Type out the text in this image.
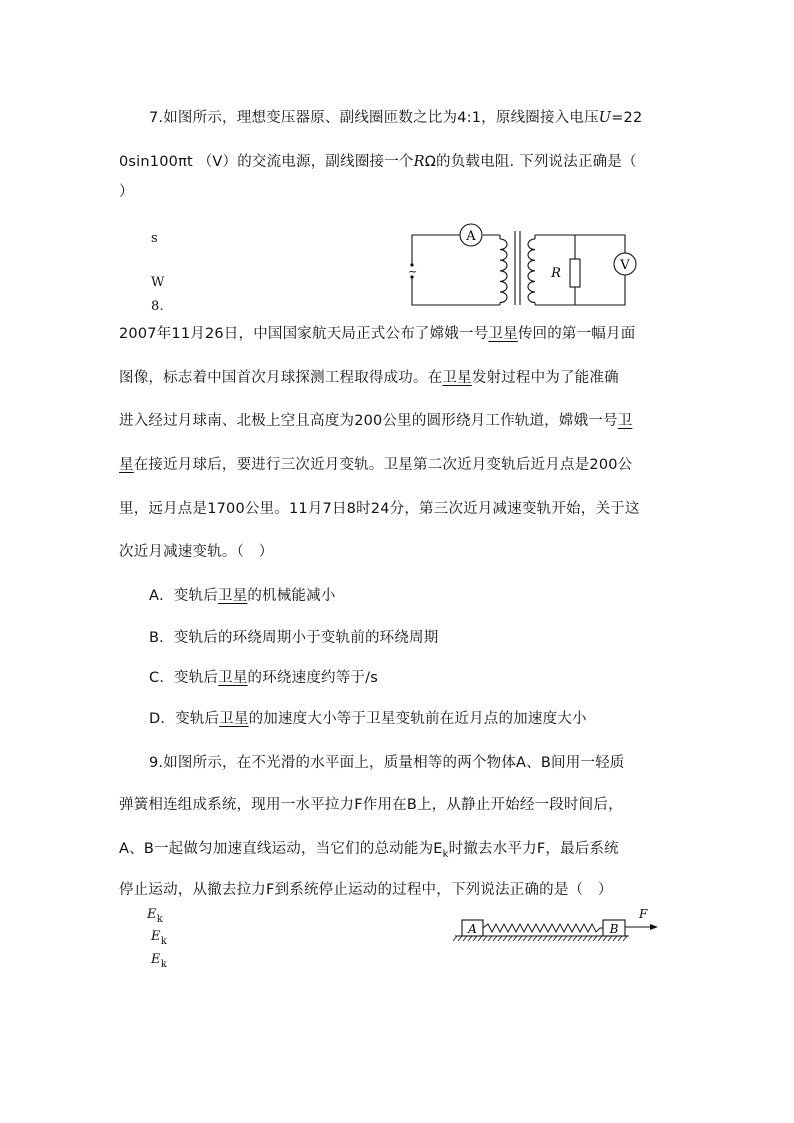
7.如图所示，理想变压器原、副线圈匝数之比为4:1，原线圈接入电压U=22
0sin100πt （V）的交流电源，副线圈接一个RΩ的负载电阻. 下列说法正确是（
）
s
W
~
A
R
V
8.
2007年11月26日，中国国家航天局正式公布了嫦娥一号卫星传回的第一幅月面
图像，标志着中国首次月球探测工程取得成功。在卫星发射过程中为了能准确
进入经过月球南、北极上空且高度为200公里的圆形绕月工作轨道，嫦娥一号卫
星在接近月球后，要进行三次近月变轨。卫星第二次近月变轨后近月点是200公
里，远月点是1700公里。11月7日8时24分，第三次近月减速变轨开始，关于这
次近月减速变轨。（　）
A．变轨后卫星的机械能减小
B．变轨后的环绕周期小于变轨前的环绕周期
C．变轨后卫星的环绕速度约等于/s
D．变轨后卫星的加速度大小等于卫星变轨前在近月点的加速度大小
9.如图所示，在不光滑的水平面上，质量相等的两个物体A、B间用一轻质
弹簧相连组成系统，现用一水平拉力F作用在B上，从静止开始经一段时间后，
A、B一起做匀加速直线运动，当它们的总动能为$E_k$时撤去水平力F，最后系统
停止运动，从撤去拉力F到系统停止运动的过程中，下列说法正确的是（　）
$E_k$
$E_k$
$E_k$
A	B
F
